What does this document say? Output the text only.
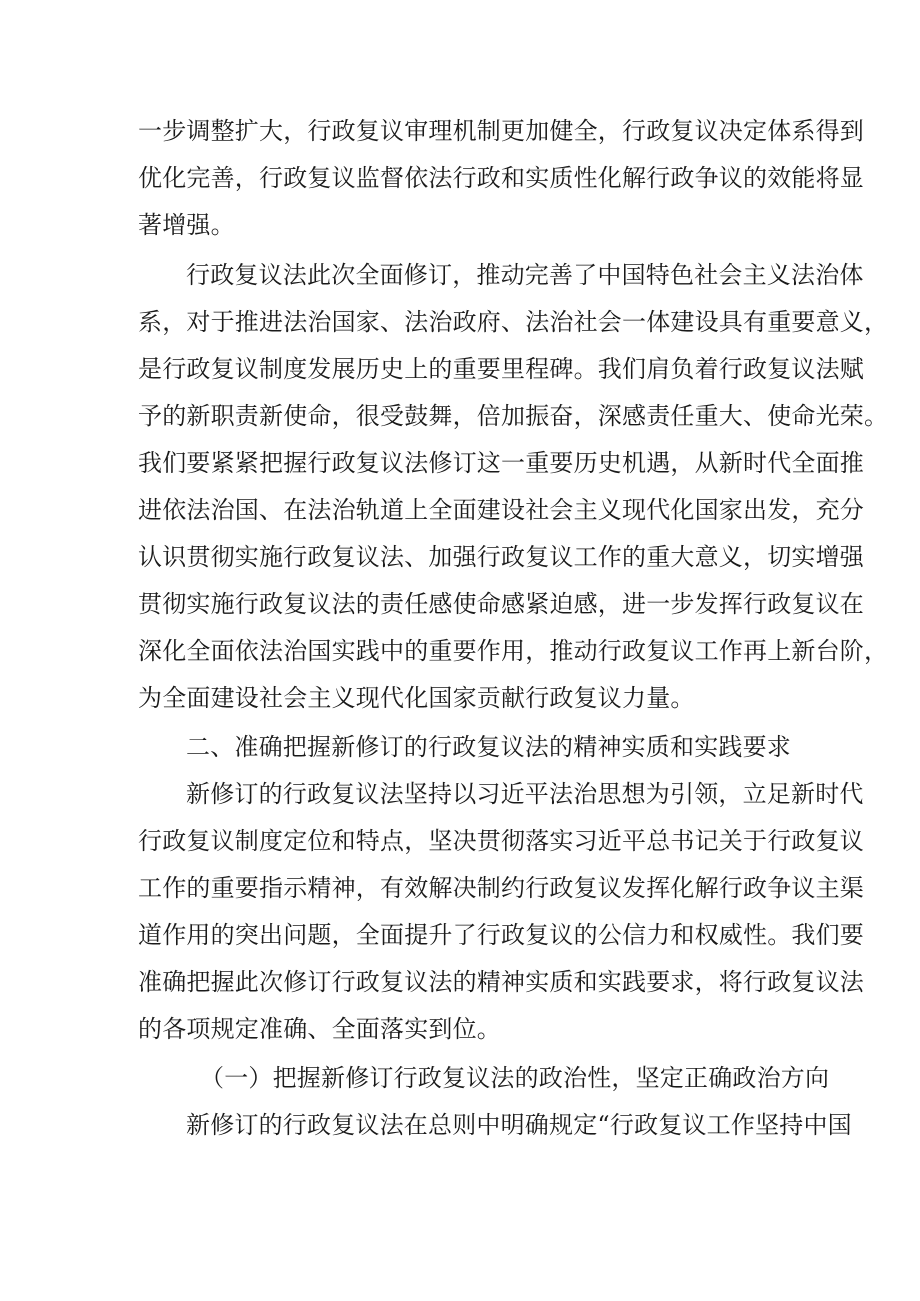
一步调整扩大，行政复议审理机制更加健全，行政复议决定体系得到
优化完善，行政复议监督依法行政和实质性化解行政争议的效能将显
著增强。
行政复议法此次全面修订，推动完善了中国特色社会主义法治体
系，对于推进法治国家、法治政府、法治社会一体建设具有重要意义，
是行政复议制度发展历史上的重要里程碑。我们肩负着行政复议法赋
予的新职责新使命，很受鼓舞，倍加振奋，深感责任重大、使命光荣。
我们要紧紧把握行政复议法修订这一重要历史机遇，从新时代全面推
进依法治国、在法治轨道上全面建设社会主义现代化国家出发，充分
认识贯彻实施行政复议法、加强行政复议工作的重大意义，切实增强
贯彻实施行政复议法的责任感使命感紧迫感，进一步发挥行政复议在
深化全面依法治国实践中的重要作用，推动行政复议工作再上新台阶，
为全面建设社会主义现代化国家贡献行政复议力量。
二、准确把握新修订的行政复议法的精神实质和实践要求
新修订的行政复议法坚持以习近平法治思想为引领，立足新时代
行政复议制度定位和特点，坚决贯彻落实习近平总书记关于行政复议
工作的重要指示精神，有效解决制约行政复议发挥化解行政争议主渠
道作用的突出问题，全面提升了行政复议的公信力和权威性。我们要
准确把握此次修订行政复议法的精神实质和实践要求，将行政复议法
的各项规定准确、全面落实到位。
（一）把握新修订行政复议法的政治性，坚定正确政治方向
新修订的行政复议法在总则中明确规定“行政复议工作坚持中国
